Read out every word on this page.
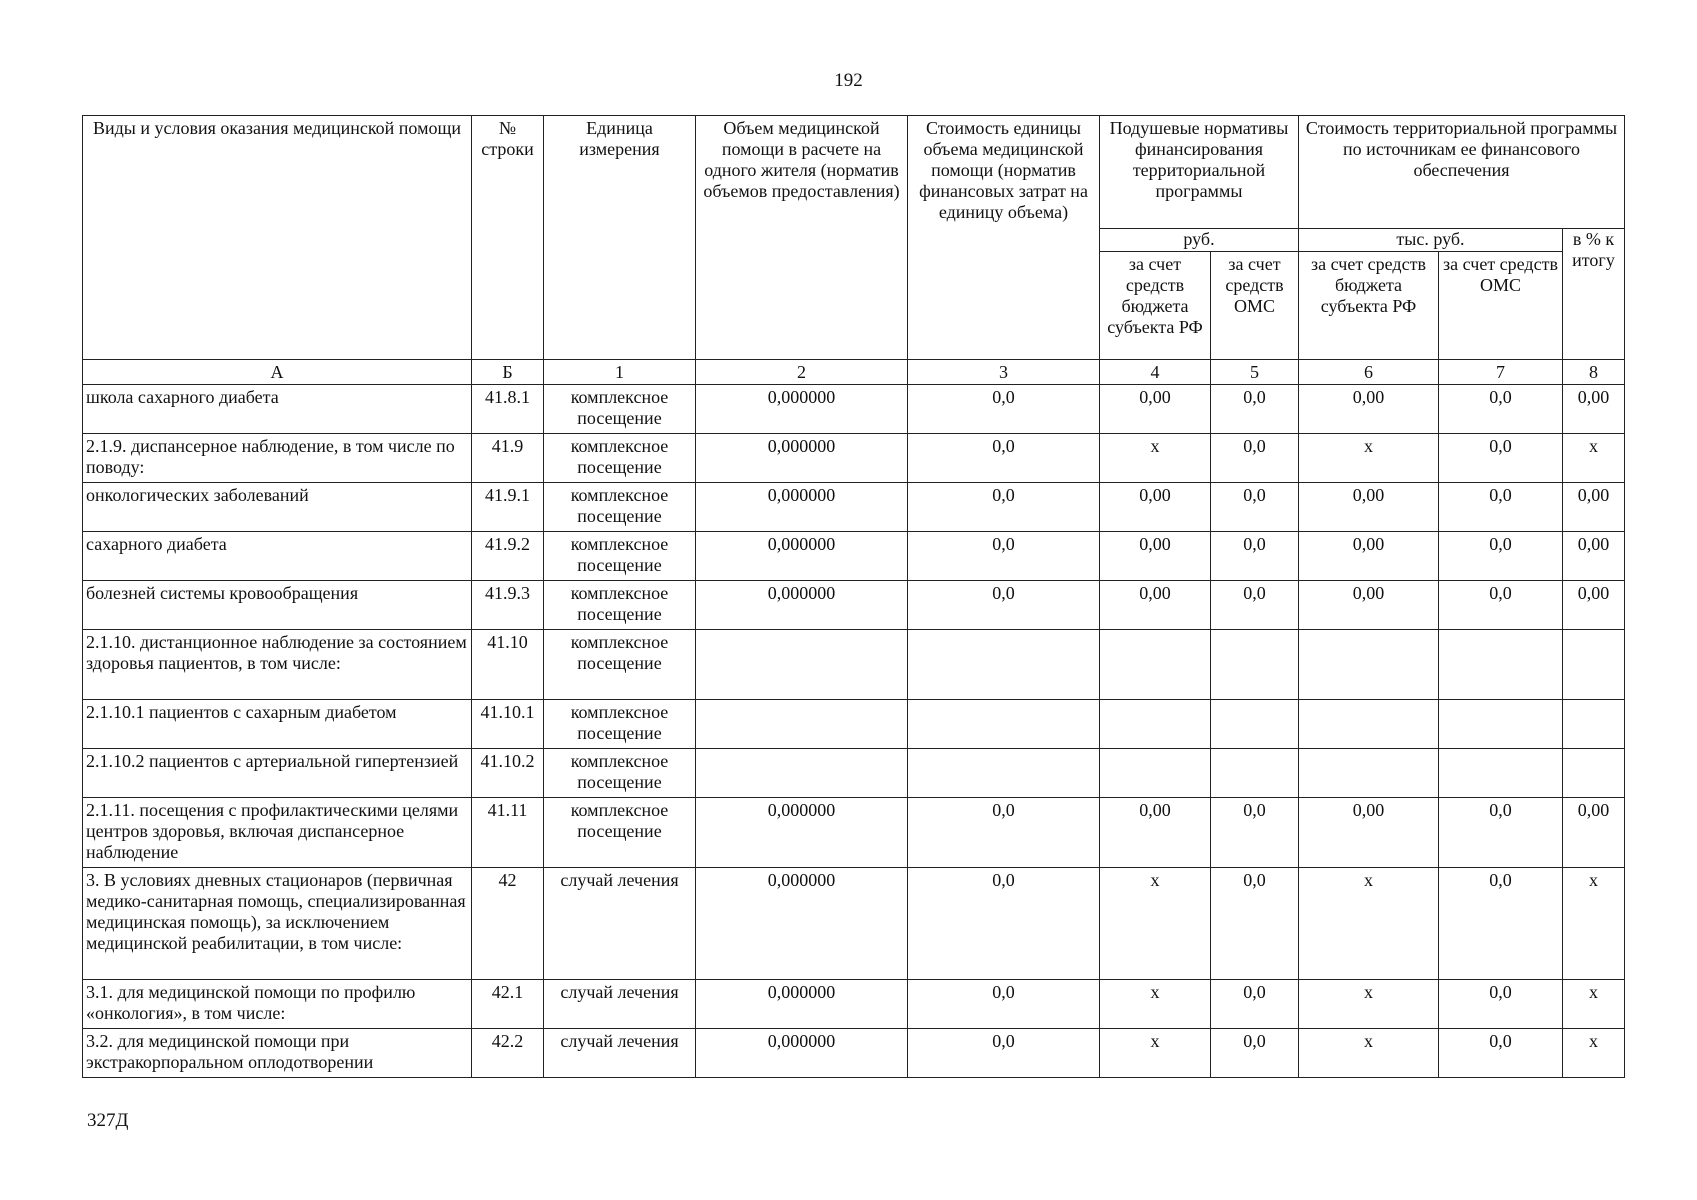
192
Виды и условия оказания медицинской помощи	№ строки	Единица измерения	Объем медицинской помощи в расчете на одного жителя (норматив объемов предоставления)	Стоимость единицы объема медицинской помощи (норматив финансовых затрат на единицу объема)	Подушевые нормативы финансирования территориальной программы		Стоимость территориальной программы по источникам ее финансового обеспечения		
					руб.		тыс. руб.		в % к итогу
					за счет средств бюджета субъекта РФ	за счет средств ОМС	за счет средств бюджета субъекта РФ	за счет средств ОМС	
А	Б	1	2	3	4	5	6	7	8
школа сахарного диабета	41.8.1	комплексное посещение	0,000000	0,0	0,00	0,0	0,00	0,0	0,00
2.1.9. диспансерное наблюдение, в том числе по поводу:	41.9	комплексное посещение	0,000000	0,0	х	0,0	х	0,0	х
онкологических заболеваний	41.9.1	комплексное посещение	0,000000	0,0	0,00	0,0	0,00	0,0	0,00
сахарного диабета	41.9.2	комплексное посещение	0,000000	0,0	0,00	0,0	0,00	0,0	0,00
болезней системы кровообращения	41.9.3	комплексное посещение	0,000000	0,0	0,00	0,0	0,00	0,0	0,00
2.1.10. дистанционное наблюдение за состоянием здоровья пациентов, в том числе:	41.10	комплексное посещение							
2.1.10.1 пациентов с сахарным диабетом	41.10.1	комплексное посещение							
2.1.10.2 пациентов с артериальной гипертензией	41.10.2	комплексное посещение							
2.1.11. посещения с профилактическими целями центров здоровья, включая диспансерное наблюдение	41.11	комплексное посещение	0,000000	0,0	0,00	0,0	0,00	0,0	0,00
3. В условиях дневных стационаров (первичная медико-санитарная помощь, специализированная медицинская помощь), за исключением медицинской реабилитации, в том числе:	42	случай лечения	0,000000	0,0	х	0,0	х	0,0	х
3.1. для медицинской помощи по профилю «онкология», в том числе:	42.1	случай лечения	0,000000	0,0	х	0,0	х	0,0	х
3.2. для медицинской помощи при экстракорпоральном оплодотворении	42.2	случай лечения	0,000000	0,0	х	0,0	х	0,0	х
327Д
